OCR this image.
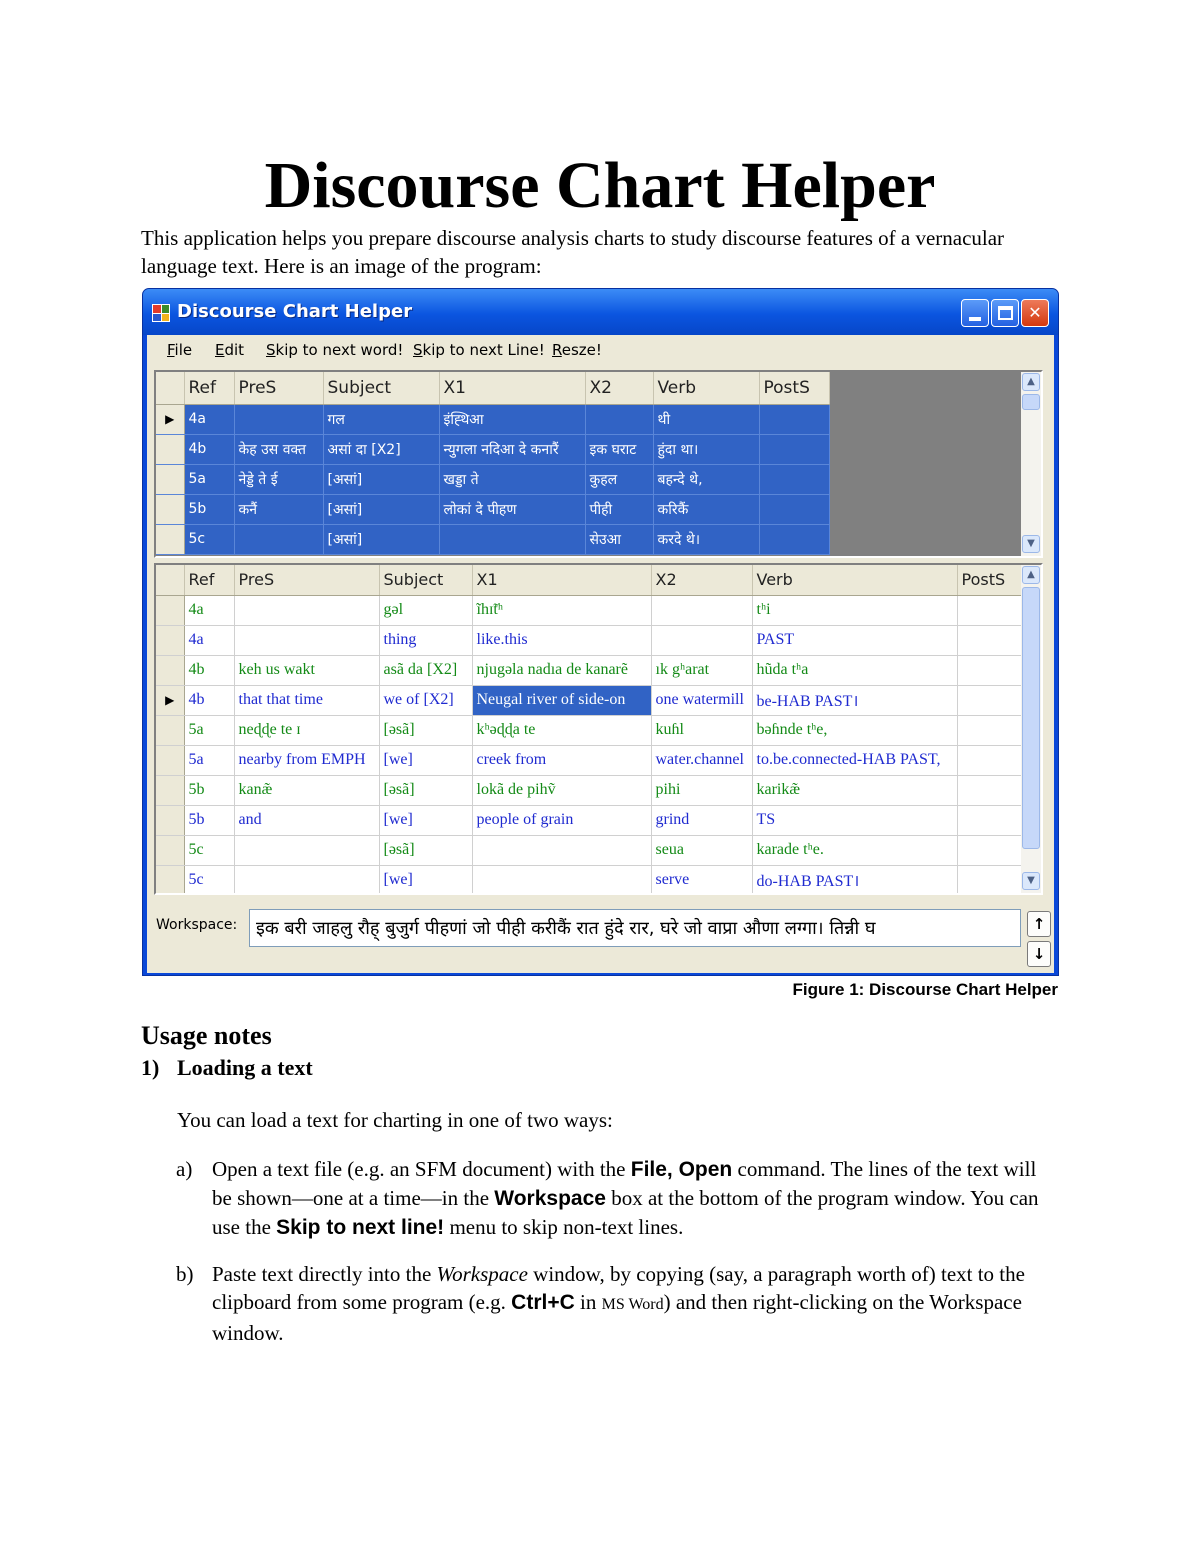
Discourse Chart Helper

This application helps you prepare discourse analysis charts to study discourse features of a vernacular language text. Here is an image of the program:

Discourse Chart Helper	✕
File Edit Skip to next word! Skip to next Line! Resze!
	Ref	PreS	Subject	X1	X2	Verb	PostS
▶	4a		गल	इंह्थिआ		थी	
	4b	केह उस वक्त	असां दा [X2]	न्युगला नदिआ दे कनारैं	इक घराट	हुंदा था।	
	5a	नेड्डे ते ई	[असां]	खड्डा ते	कुहल	बहन्दे थे,	
	5b	कनैं	[असां]	लोकां दे पीहण	पीही	करिकैं	
	5c		[असां]		सेउआ	करदे थे।	
▲
▼
	Ref	PreS	Subject	X1	X2	Verb	PostS
	4a		gəl	ĩhɪ̃tʰ		tʰi	
	4a		thing	like.this		PAST	
	4b	keh us wakt	asã da [X2]	njugəla nadıa de kanarẽ	ık gʰarat	hũda tʰa	
▶	4b	that that time	we of [X2]	Neugal river of side-on	one watermill	be-HAB PAST।	
	5a	neɖɖe te ɪ	[əsã]	kʰəɖɖa te	kuɦl	bəɦnde tʰe,	
	5a	nearby from EMPH	[we]	creek from	water.channel	to.be.connected-HAB PAST,	
	5b	kanæ̃	[əsã]	lokã de pihṽ	pihi	karikæ̃	
	5b	and	[we]	people of grain	grind	TS	
	5c		[əsã]		seua	karade tʰe.	
	5c		[we]		serve	do-HAB PAST।	
▲
▼
Workspace:	इक बरी जाहलु रौह् बुजुर्ग पीहणां जो पीही करीकैं रात हुंदे रार, घरे जो वाप्रा औणा लग्गा। तिन्नी घ	↑
↓
Figure 1: Discourse Chart Helper
Usage notes
1) Loading a text

You can load a text for charting in one of two ways:

a) Open a text file (e.g. an SFM document) with the File, Open command. The lines of the text will be shown—one at a time—in the Workspace box at the bottom of the program window. You can use the Skip to next line! menu to skip non-text lines.

b) Paste text directly into the Workspace window, by copying (say, a paragraph worth of) text to the clipboard from some program (e.g. Ctrl+C in MS Word) and then right-clicking on the Workspace window.
